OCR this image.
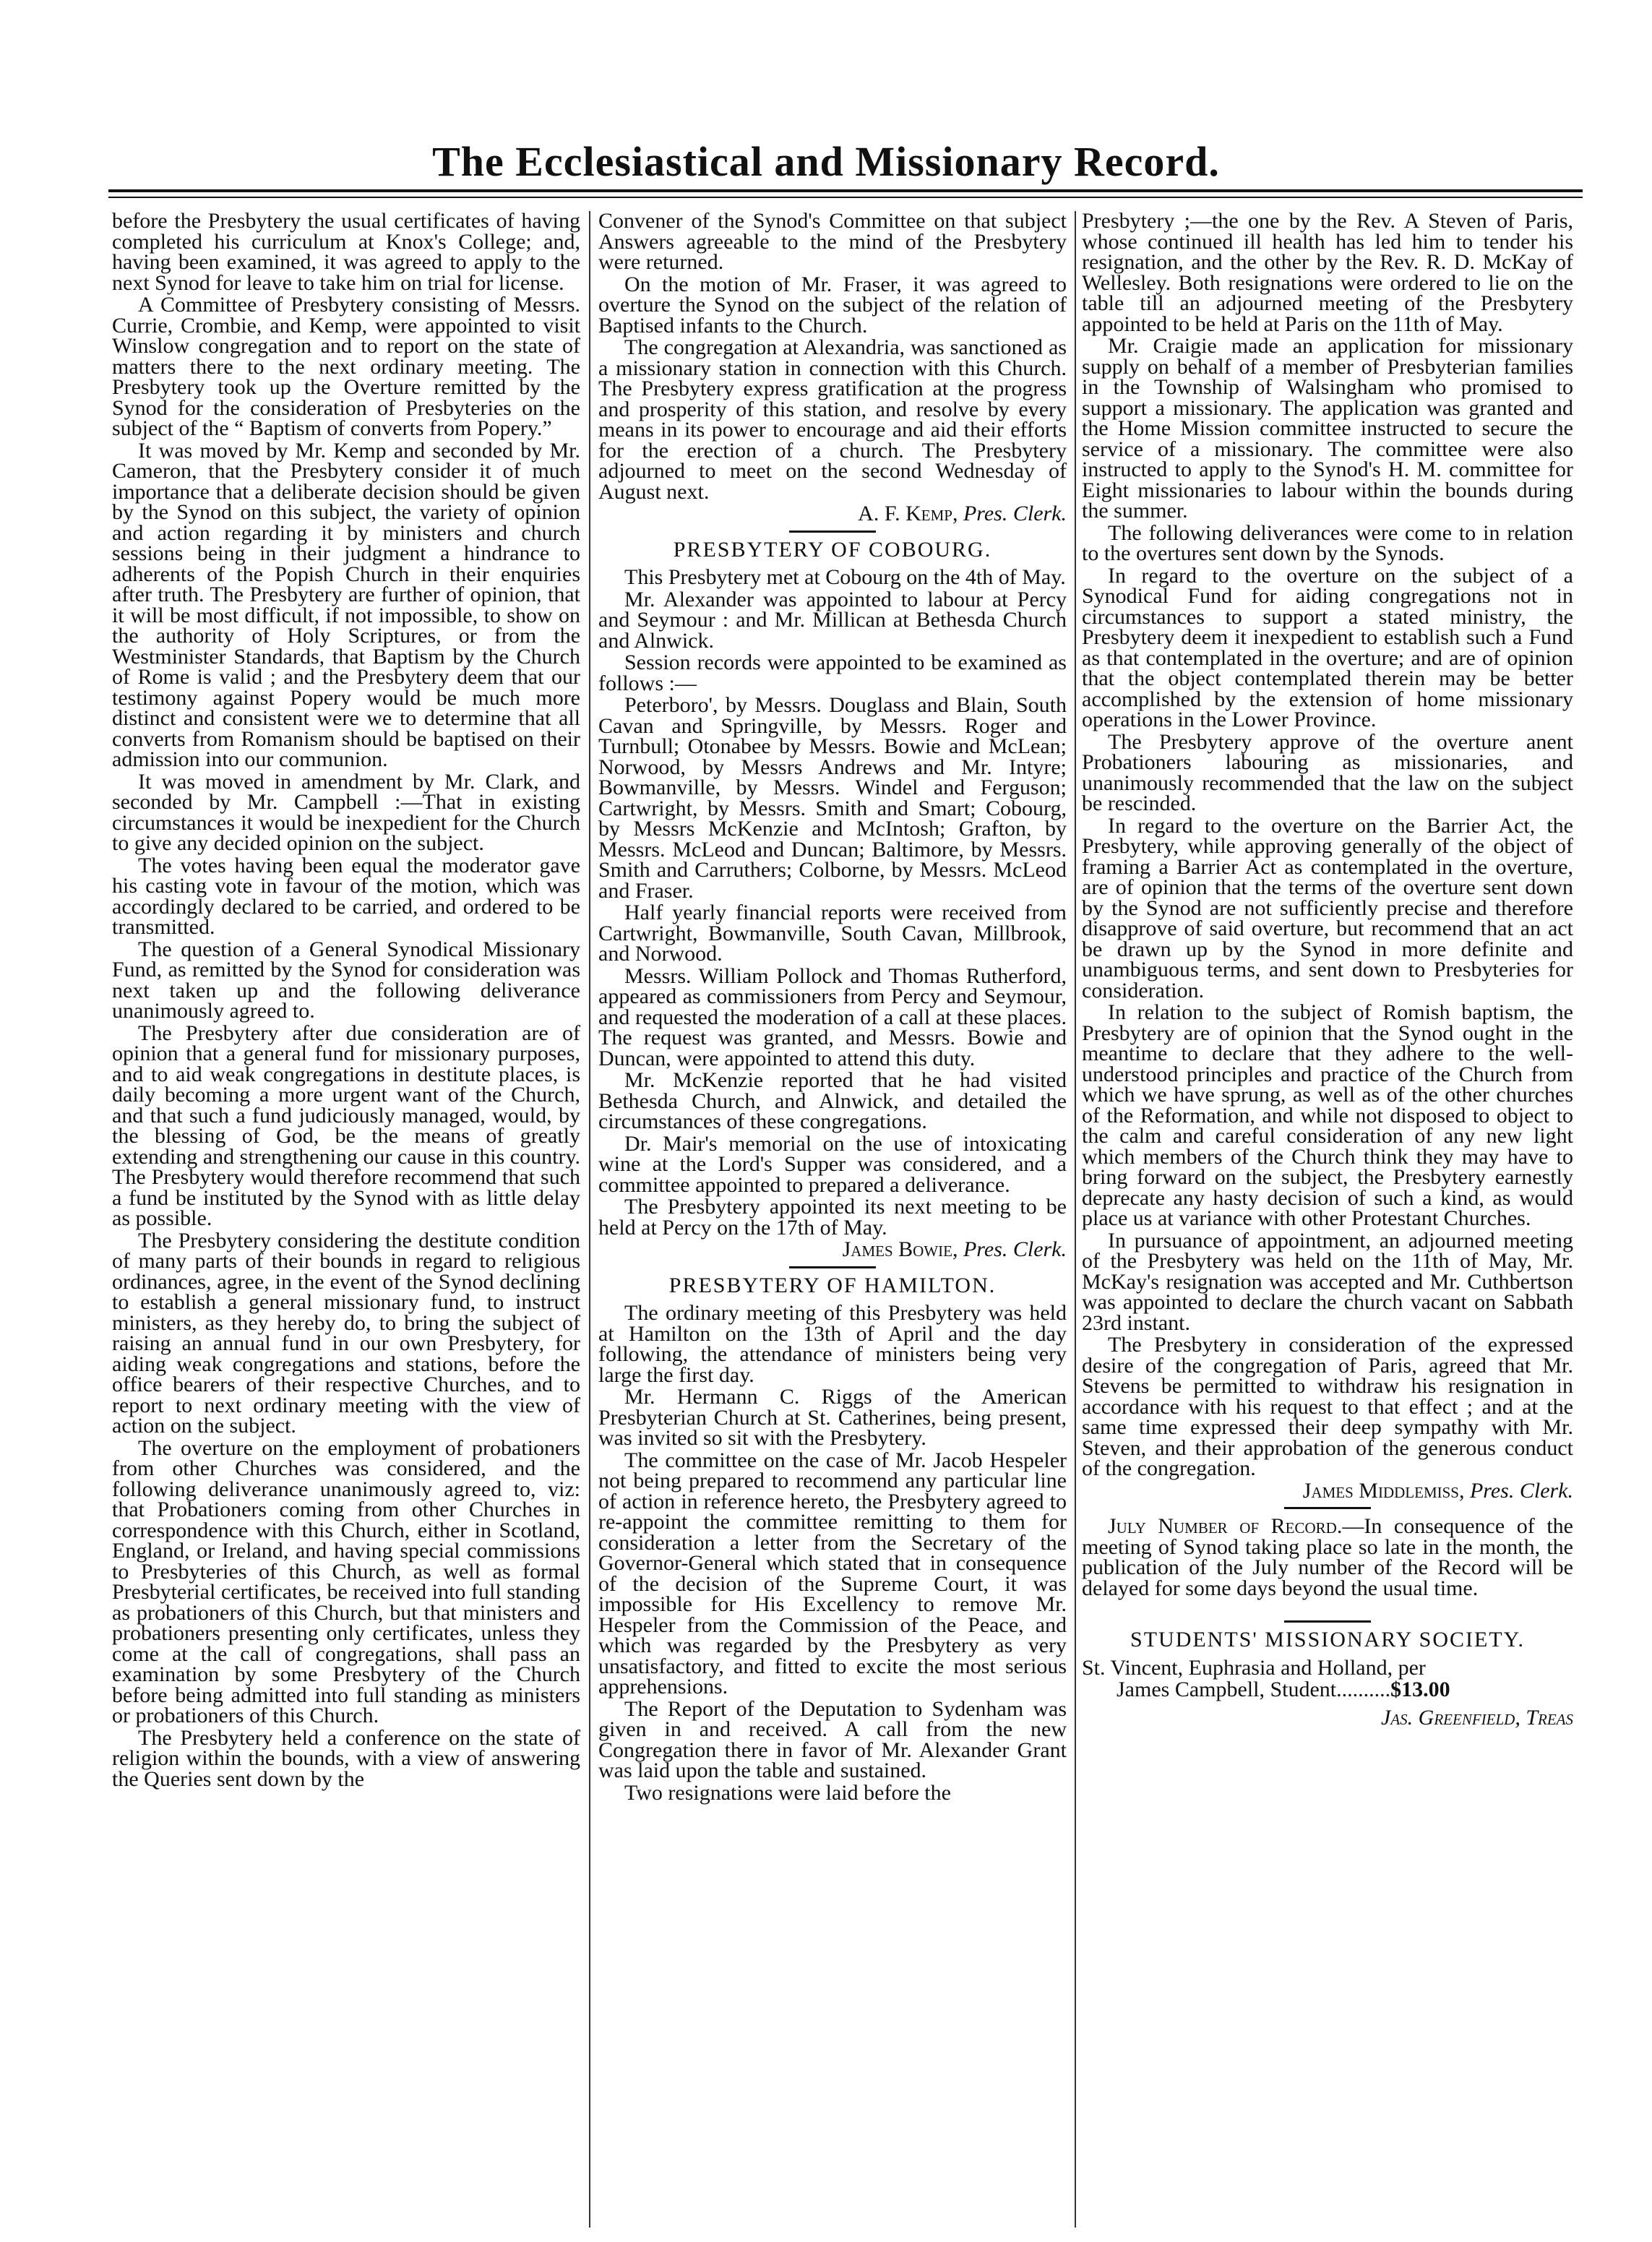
The Ecclesiastical and Missionary Record.

before the Presbytery the usual certificates of having completed his curriculum at Knox's College; and, having been examined, it was agreed to apply to the next Synod for leave to take him on trial for license.

A Committee of Presbytery consisting of Messrs. Currie, Crombie, and Kemp, were appointed to visit Winslow congregation and to report on the state of matters there to the next ordinary meeting. The Presbytery took up the Overture remitted by the Synod for the consideration of Presbyteries on the subject of the “ Baptism of converts from Popery.”

It was moved by Mr. Kemp and seconded by Mr. Cameron, that the Presbytery consider it of much importance that a deliberate decision should be given by the Synod on this subject, the variety of opinion and action regarding it by ministers and church sessions being in their judgment a hindrance to adherents of the Popish Church in their enquiries after truth. The Presbytery are further of opinion, that it will be most difficult, if not impossible, to show on the authority of Holy Scriptures, or from the Westminister Standards, that Baptism by the Church of Rome is valid ; and the Presbytery deem that our testimony against Popery would be much more distinct and consistent were we to determine that all converts from Romanism should be baptised on their admission into our communion.

It was moved in amendment by Mr. Clark, and seconded by Mr. Campbell :—That in existing circumstances it would be inexpedient for the Church to give any decided opinion on the subject.

The votes having been equal the moderator gave his casting vote in favour of the motion, which was accordingly declared to be carried, and ordered to be transmitted.

The question of a General Synodical Missionary Fund, as remitted by the Synod for consideration was next taken up and the following deliverance unanimously agreed to.

The Presbytery after due consideration are of opinion that a general fund for missionary purposes, and to aid weak congregations in destitute places, is daily becoming a more urgent want of the Church, and that such a fund judiciously managed, would, by the blessing of God, be the means of greatly extending and strengthening our cause in this country. The Presbytery would therefore recommend that such a fund be instituted by the Synod with as little delay as possible.

The Presbytery considering the destitute condition of many parts of their bounds in regard to religious ordinances, agree, in the event of the Synod declining to establish a general missionary fund, to instruct ministers, as they hereby do, to bring the subject of raising an annual fund in our own Presbytery, for aiding weak congregations and stations, before the office bearers of their respective Churches, and to report to next ordinary meeting with the view of action on the subject.

The overture on the employment of probationers from other Churches was considered, and the following deliverance unanimously agreed to, viz: that Probationers coming from other Churches in correspondence with this Church, either in Scotland, England, or Ireland, and having special commissions to Presbyteries of this Church, as well as formal Presbyterial certificates, be received into full standing as probationers of this Church, but that ministers and probationers presenting only certificates, unless they come at the call of congregations, shall pass an examination by some Presbytery of the Church before being admitted into full standing as ministers or probationers of this Church.

The Presbytery held a conference on the state of religion within the bounds, with a view of answering the Queries sent down by the

Convener of the Synod's Committee on that subject Answers agreeable to the mind of the Presbytery were returned.

On the motion of Mr. Fraser, it was agreed to overture the Synod on the subject of the relation of Baptised infants to the Church.

The congregation at Alexandria, was sanctioned as a missionary station in connection with this Church. The Presbytery express gratification at the progress and prosperity of this station, and resolve by every means in its power to encourage and aid their efforts for the erection of a church. The Presbytery adjourned to meet on the second Wednesday of August next.

A. F. Kemp, Pres. Clerk.
PRESBYTERY OF COBOURG.

This Presbytery met at Cobourg on the 4th of May.

Mr. Alexander was appointed to labour at Percy and Seymour : and Mr. Millican at Bethesda Church and Alnwick.

Session records were appointed to be examined as follows :—

Peterboro', by Messrs. Douglass and Blain, South Cavan and Springville, by Messrs. Roger and Turnbull; Otonabee by Messrs. Bowie and McLean; Norwood, by Messrs Andrews and Mr. Intyre; Bowmanville, by Messrs. Windel and Ferguson; Cartwright, by Messrs. Smith and Smart; Cobourg, by Messrs McKenzie and McIntosh; Grafton, by Messrs. McLeod and Duncan; Baltimore, by Messrs. Smith and Carruthers; Colborne, by Messrs. McLeod and Fraser.

Half yearly financial reports were received from Cartwright, Bowmanville, South Cavan, Millbrook, and Norwood.

Messrs. William Pollock and Thomas Rutherford, appeared as commissioners from Percy and Seymour, and requested the moderation of a call at these places. The request was granted, and Messrs. Bowie and Duncan, were appointed to attend this duty.

Mr. McKenzie reported that he had visited Bethesda Church, and Alnwick, and detailed the circumstances of these congregations.

Dr. Mair's memorial on the use of intoxicating wine at the Lord's Supper was considered, and a committee appointed to prepared a deliverance.

The Presbytery appointed its next meeting to be held at Percy on the 17th of May.

James Bowie, Pres. Clerk.
PRESBYTERY OF HAMILTON.

The ordinary meeting of this Presbytery was held at Hamilton on the 13th of April and the day following, the attendance of ministers being very large the first day.

Mr. Hermann C. Riggs of the American Presbyterian Church at St. Catherines, being present, was invited so sit with the Presbytery.

The committee on the case of Mr. Jacob Hespeler not being prepared to recommend any particular line of action in reference hereto, the Presbytery agreed to re-appoint the committee remitting to them for consideration a letter from the Secretary of the Governor-General which stated that in consequence of the decision of the Supreme Court, it was impossible for His Excellency to remove Mr. Hespeler from the Commission of the Peace, and which was regarded by the Presbytery as very unsatisfactory, and fitted to excite the most serious apprehensions.

The Report of the Deputation to Sydenham was given in and received. A call from the new Congregation there in favor of Mr. Alexander Grant was laid upon the table and sustained.

Two resignations were laid before the

Presbytery ;—the one by the Rev. A Steven of Paris, whose continued ill health has led him to tender his resignation, and the other by the Rev. R. D. McKay of Wellesley. Both resignations were ordered to lie on the table till an adjourned meeting of the Presbytery appointed to be held at Paris on the 11th of May.

Mr. Craigie made an application for missionary supply on behalf of a member of Presbyterian families in the Township of Walsingham who promised to support a missionary. The application was granted and the Home Mission committee instructed to secure the service of a missionary. The committee were also instructed to apply to the Synod's H. M. committee for Eight missionaries to labour within the bounds during the summer.

The following deliverances were come to in relation to the overtures sent down by the Synods.

In regard to the overture on the subject of a Synodical Fund for aiding congregations not in circumstances to support a stated ministry, the Presbytery deem it inexpedient to establish such a Fund as that contemplated in the overture; and are of opinion that the object contemplated therein may be better accomplished by the extension of home missionary operations in the Lower Province.

The Presbytery approve of the overture anent Probationers labouring as missionaries, and unanimously recommended that the law on the subject be rescinded.

In regard to the overture on the Barrier Act, the Presbytery, while approving generally of the object of framing a Barrier Act as contemplated in the overture, are of opinion that the terms of the overture sent down by the Synod are not sufficiently precise and therefore disapprove of said overture, but recommend that an act be drawn up by the Synod in more definite and unambiguous terms, and sent down to Presbyteries for consideration.

In relation to the subject of Romish baptism, the Presbytery are of opinion that the Synod ought in the meantime to declare that they adhere to the well-understood principles and practice of the Church from which we have sprung, as well as of the other churches of the Reformation, and while not disposed to object to the calm and careful consideration of any new light which members of the Church think they may have to bring forward on the subject, the Presbytery earnestly deprecate any hasty decision of such a kind, as would place us at variance with other Protestant Churches.

In pursuance of appointment, an adjourned meeting of the Presbytery was held on the 11th of May, Mr. McKay's resignation was accepted and Mr. Cuthbertson was appointed to declare the church vacant on Sabbath 23rd instant.

The Presbytery in consideration of the expressed desire of the congregation of Paris, agreed that Mr. Stevens be permitted to withdraw his resignation in accordance with his request to that effect ; and at the same time expressed their deep sympathy with Mr. Steven, and their approbation of the generous conduct of the congregation.

James Middlemiss, Pres. Clerk.

July Number of Record.—In consequence of the meeting of Synod taking place so late in the month, the publication of the July number of the Record will be delayed for some days beyond the usual time.

STUDENTS' MISSIONARY SOCIETY.

St. Vincent, Euphrasia and Holland, per

James Campbell, Student..........$13.00

Jas. Greenfield, Treas
